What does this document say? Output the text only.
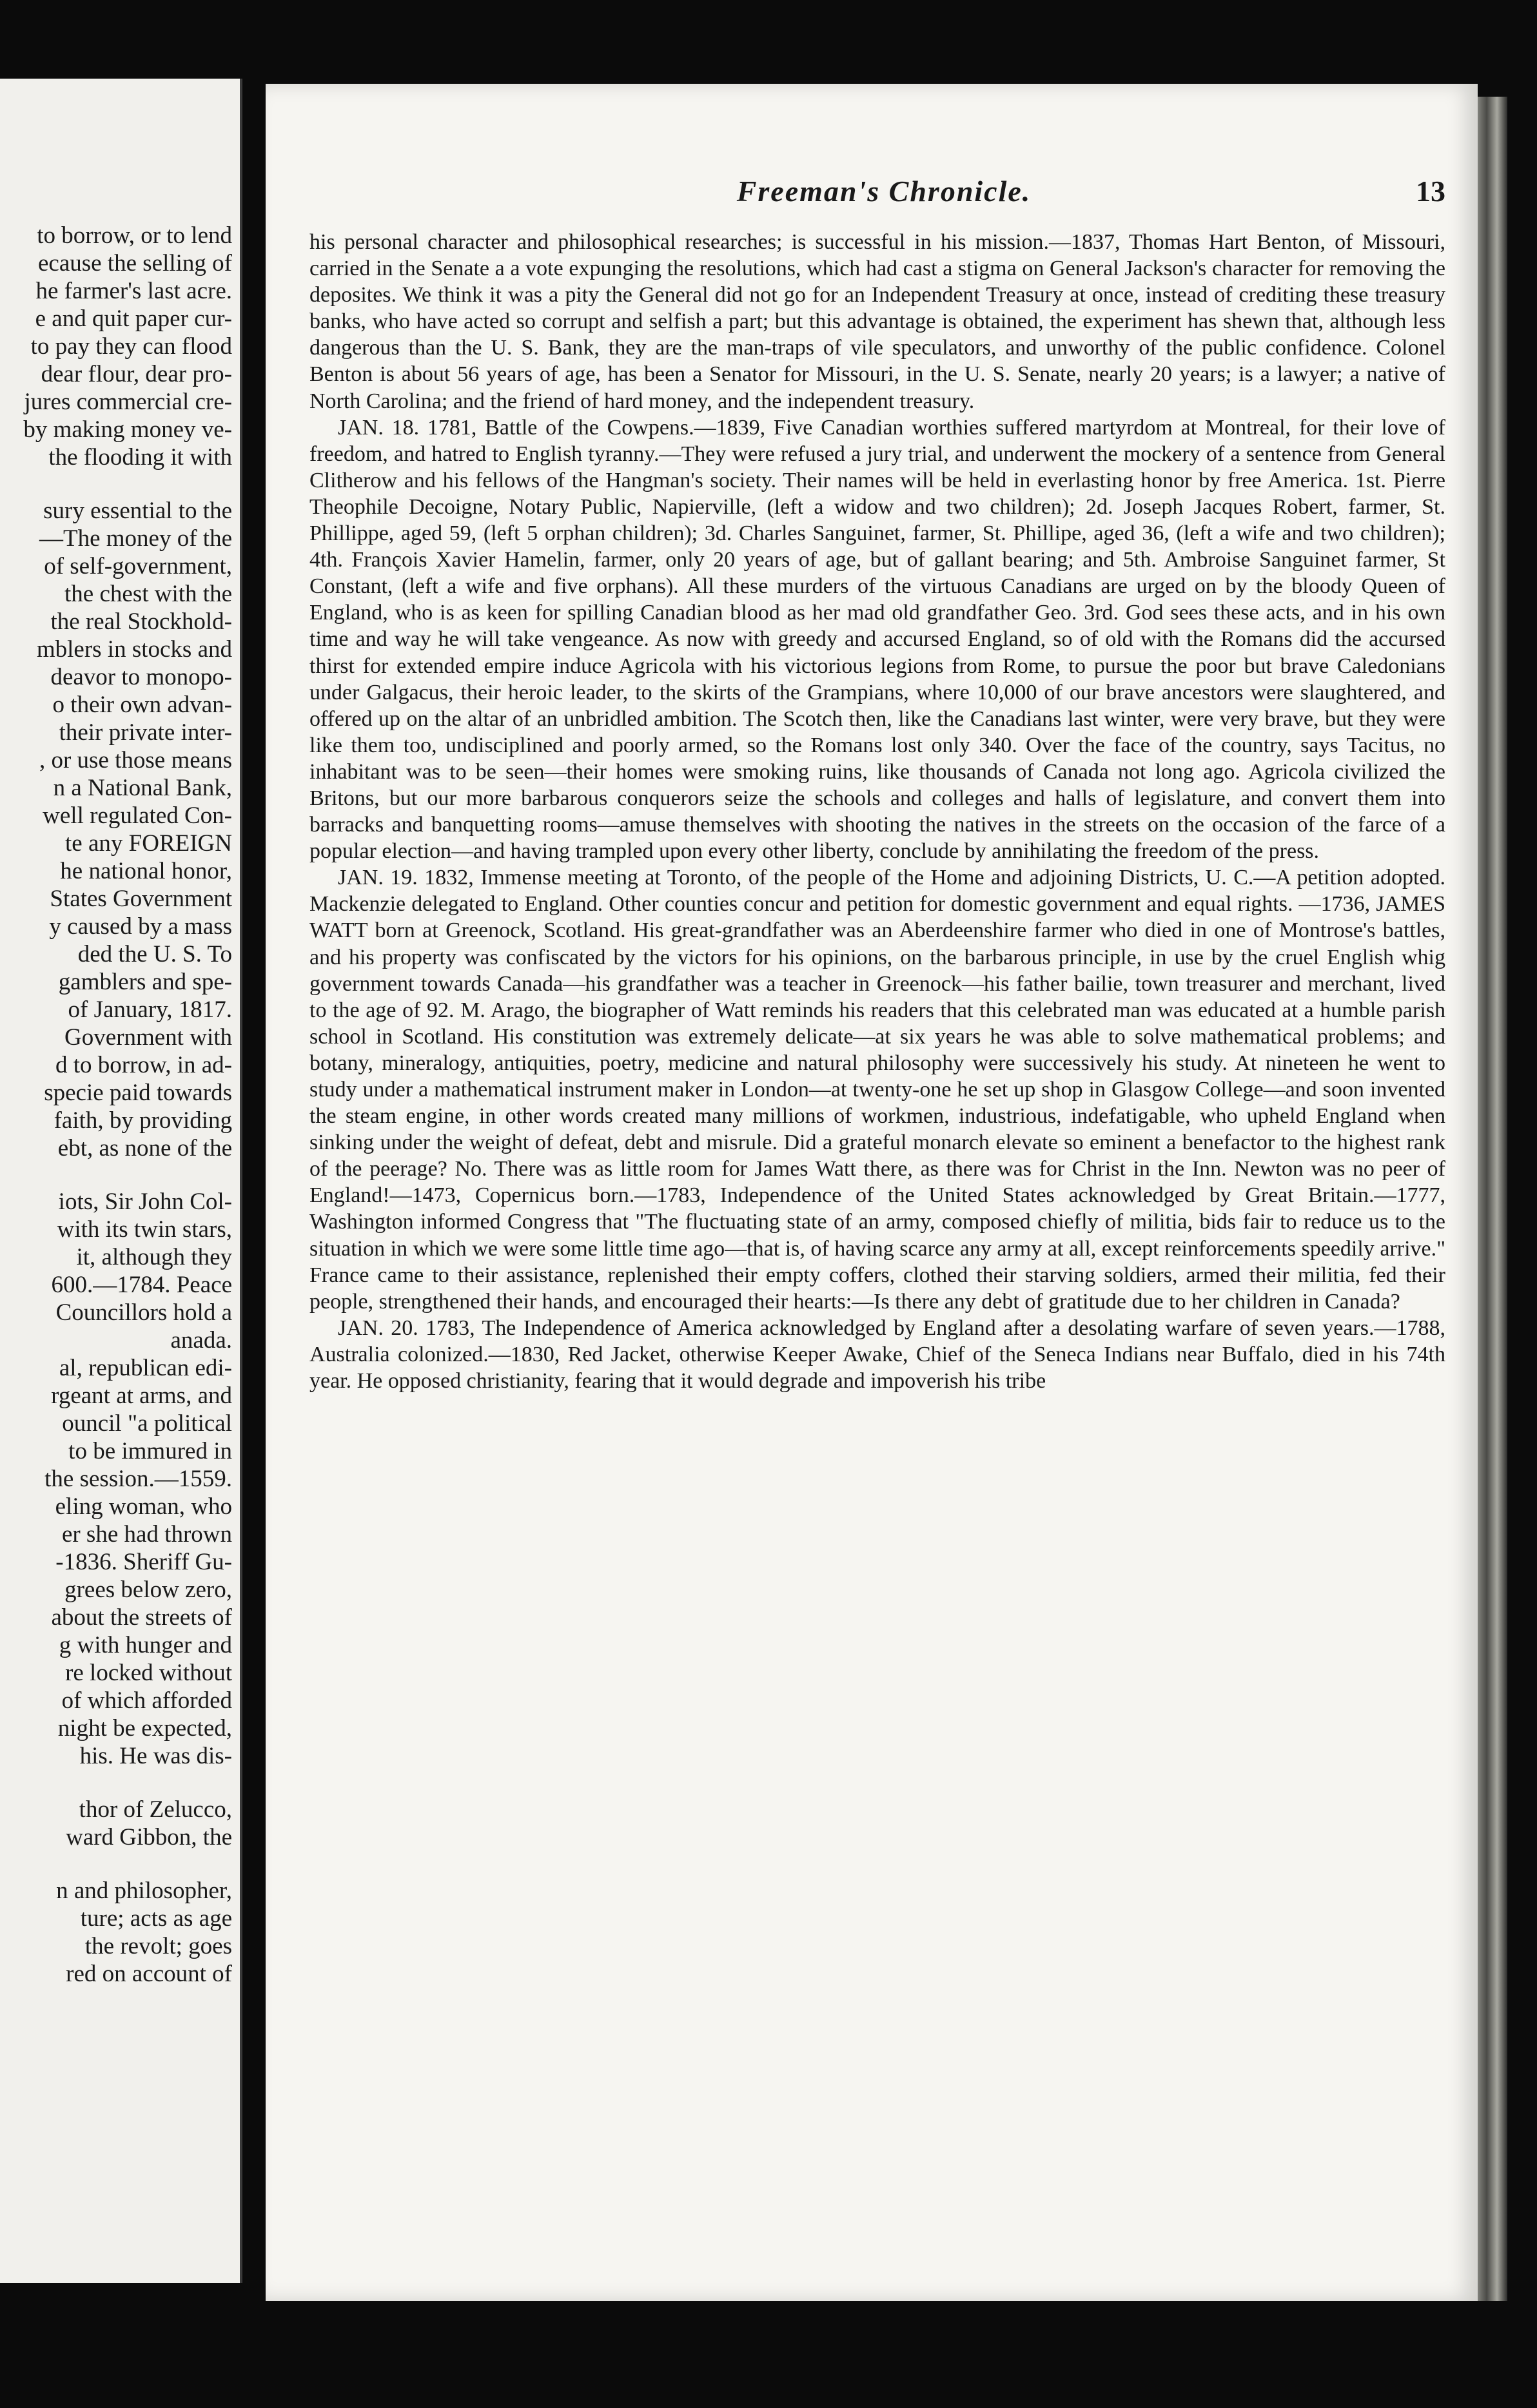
to borrow, or to lend
ecause the selling of
he farmer's last acre.
e and quit paper cur-
to pay they can flood
dear flour, dear pro-
jures commercial cre-
by making money ve-
the flooding it with
sury essential to the
—The money of the
of self-government,
the chest with the
the real Stockhold-
mblers in stocks and
deavor to monopo-
o their own advan-
their private inter-
, or use those means
n a National Bank,
well regulated Con-
te any FOREIGN
he national honor,
States Government
y caused by a mass
ded the U. S. To
gamblers and spe-
of January, 1817.
Government with
d to borrow, in ad-
specie paid towards
faith, by providing
ebt, as none of the
iots, Sir John Col-
with its twin stars,
it, although they
600.—1784. Peace
Councillors hold a
anada.
al, republican edi-
rgeant at arms, and
ouncil "a political
to be immured in
the session.—1559.
eling woman, who
er she had thrown
-1836. Sheriff Gu-
grees below zero,
about the streets of
g with hunger and
re locked without
of which afforded
night be expected,
his. He was dis-
thor of Zelucco,
ward Gibbon, the
n and philosopher,
ture; acts as age
the revolt; goes
red on account of
Freeman's Chronicle.	13

his personal character and philosophical researches; is successful in his mission.—1837, Thomas Hart Benton, of Missouri, carried in the Senate a a vote expunging the resolutions, which had cast a stigma on General Jackson's character for removing the deposites. We think it was a pity the General did not go for an Independent Treasury at once, instead of crediting these treasury banks, who have acted so corrupt and selfish a part; but this advantage is obtained, the experiment has shewn that, although less dangerous than the U. S. Bank, they are the man-traps of vile speculators, and unworthy of the public confidence. Colonel Benton is about 56 years of age, has been a Senator for Missouri, in the U. S. Senate, nearly 20 years; is a lawyer; a native of North Carolina; and the friend of hard money, and the independent treasury.

JAN. 18. 1781, Battle of the Cowpens.—1839, Five Canadian worthies suffered martyrdom at Montreal, for their love of freedom, and hatred to English tyranny.—They were refused a jury trial, and underwent the mockery of a sentence from General Clitherow and his fellows of the Hangman's society. Their names will be held in everlasting honor by free America. 1st. Pierre Theophile Decoigne, Notary Public, Napierville, (left a widow and two children); 2d. Joseph Jacques Robert, farmer, St. Phillippe, aged 59, (left 5 orphan children); 3d. Charles Sanguinet, farmer, St. Phillipe, aged 36, (left a wife and two children); 4th. François Xavier Hamelin, farmer, only 20 years of age, but of gallant bearing; and 5th. Ambroise Sanguinet farmer, St Constant, (left a wife and five orphans). All these murders of the virtuous Canadians are urged on by the bloody Queen of England, who is as keen for spilling Canadian blood as her mad old grandfather Geo. 3rd. God sees these acts, and in his own time and way he will take vengeance. As now with greedy and accursed England, so of old with the Romans did the accursed thirst for extended empire induce Agricola with his victorious legions from Rome, to pursue the poor but brave Caledonians under Galgacus, their heroic leader, to the skirts of the Grampians, where 10,000 of our brave ancestors were slaughtered, and offered up on the altar of an unbridled ambition. The Scotch then, like the Canadians last winter, were very brave, but they were like them too, undisciplined and poorly armed, so the Romans lost only 340. Over the face of the country, says Tacitus, no inhabitant was to be seen—their homes were smoking ruins, like thousands of Canada not long ago. Agricola civilized the Britons, but our more barbarous conquerors seize the schools and colleges and halls of legislature, and convert them into barracks and banquetting rooms—amuse themselves with shooting the natives in the streets on the occasion of the farce of a popular election—and having trampled upon every other liberty, conclude by annihilating the freedom of the press.

JAN. 19. 1832, Immense meeting at Toronto, of the people of the Home and adjoining Districts, U. C.—A petition adopted. Mackenzie delegated to England. Other counties concur and petition for domestic government and equal rights. —1736, JAMES WATT born at Greenock, Scotland. His great-grandfather was an Aberdeenshire farmer who died in one of Montrose's battles, and his property was confiscated by the victors for his opinions, on the barbarous principle, in use by the cruel English whig government towards Canada—his grandfather was a teacher in Greenock—his father bailie, town treasurer and merchant, lived to the age of 92. M. Arago, the biographer of Watt reminds his readers that this celebrated man was educated at a humble parish school in Scotland. His constitution was extremely delicate—at six years he was able to solve mathematical problems; and botany, mineralogy, antiquities, poetry, medicine and natural philosophy were successively his study. At nineteen he went to study under a mathematical instrument maker in London—at twenty-one he set up shop in Glasgow College—and soon invented the steam engine, in other words created many millions of workmen, industrious, indefatigable, who upheld England when sinking under the weight of defeat, debt and misrule. Did a grateful monarch elevate so eminent a benefactor to the highest rank of the peerage? No. There was as little room for James Watt there, as there was for Christ in the Inn. Newton was no peer of England!—1473, Copernicus born.—1783, Independence of the United States acknowledged by Great Britain.—1777, Washington informed Congress that "The fluctuating state of an army, composed chiefly of militia, bids fair to reduce us to the situation in which we were some little time ago—that is, of having scarce any army at all, except reinforcements speedily arrive." France came to their assistance, replenished their empty coffers, clothed their starving soldiers, armed their militia, fed their people, strengthened their hands, and encouraged their hearts:—Is there any debt of gratitude due to her children in Canada?

JAN. 20. 1783, The Independence of America acknowledged by England after a desolating warfare of seven years.—1788, Australia colonized.—1830, Red Jacket, otherwise Keeper Awake, Chief of the Seneca Indians near Buffalo, died in his 74th year. He opposed christianity, fearing that it would degrade and impoverish his tribe
